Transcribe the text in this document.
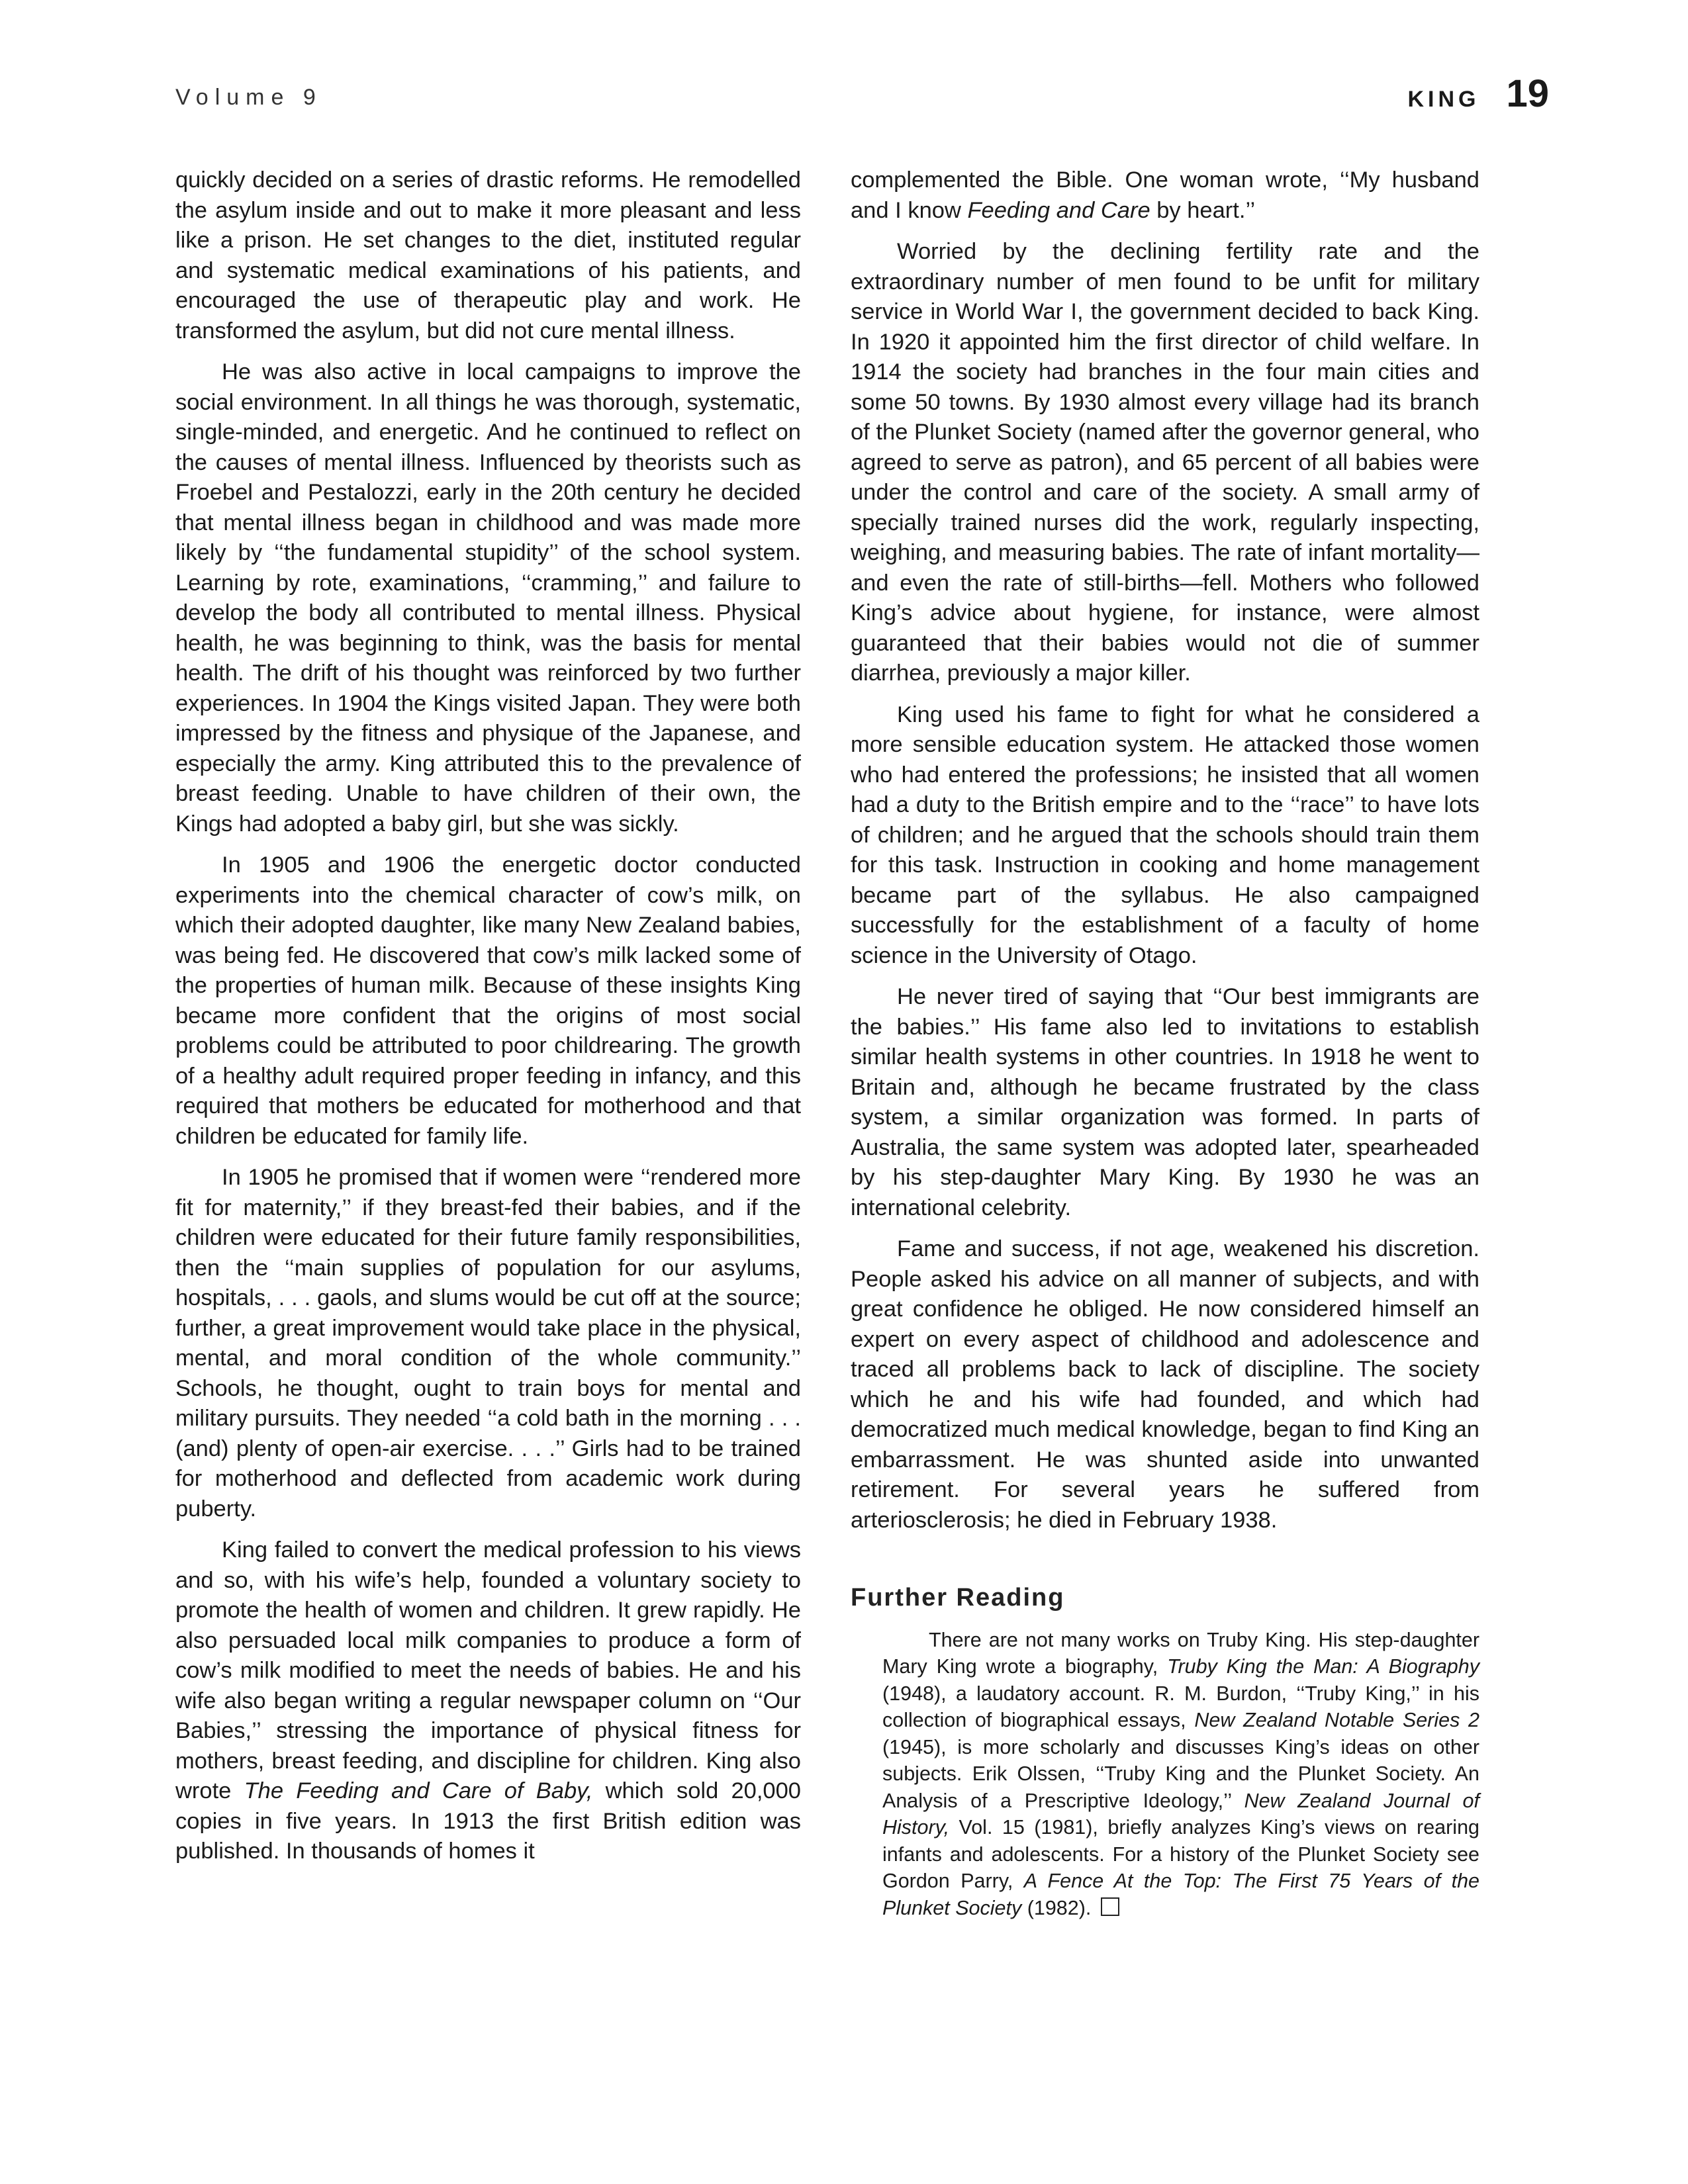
Volume 9	KING 19

quickly decided on a series of drastic reforms. He remodelled the asylum inside and out to make it more pleasant and less like a prison. He set changes to the diet, instituted regular and systematic medical examinations of his patients, and encouraged the use of therapeutic play and work. He transformed the asylum, but did not cure mental illness.

He was also active in local campaigns to improve the social environment. In all things he was thorough, systematic, single-minded, and energetic. And he continued to reflect on the causes of mental illness. Influenced by theorists such as Froebel and Pestalozzi, early in the 20th century he decided that mental illness began in childhood and was made more likely by ‘‘the fundamental stupidity’’ of the school system. Learning by rote, examinations, ‘‘cramming,’’ and failure to develop the body all contributed to mental illness. Physical health, he was beginning to think, was the basis for mental health. The drift of his thought was reinforced by two further experiences. In 1904 the Kings visited Japan. They were both impressed by the fitness and physique of the Japanese, and especially the army. King attributed this to the prevalence of breast feeding. Unable to have children of their own, the Kings had adopted a baby girl, but she was sickly.

In 1905 and 1906 the energetic doctor conducted experiments into the chemical character of cow’s milk, on which their adopted daughter, like many New Zealand babies, was being fed. He discovered that cow’s milk lacked some of the properties of human milk. Because of these insights King became more confident that the origins of most social problems could be attributed to poor childrearing. The growth of a healthy adult required proper feeding in infancy, and this required that mothers be educated for motherhood and that children be educated for family life.

In 1905 he promised that if women were ‘‘rendered more fit for maternity,’’ if they breast-fed their babies, and if the children were educated for their future family responsibilities, then the ‘‘main supplies of population for our asylums, hospitals, . . . gaols, and slums would be cut off at the source; further, a great improvement would take place in the physical, mental, and moral condition of the whole community.’’ Schools, he thought, ought to train boys for mental and military pursuits. They needed ‘‘a cold bath in the morning . . . (and) plenty of open-air exercise. . . .’’ Girls had to be trained for motherhood and deflected from academic work during puberty.

King failed to convert the medical profession to his views and so, with his wife’s help, founded a voluntary society to promote the health of women and children. It grew rapidly. He also persuaded local milk companies to produce a form of cow’s milk modified to meet the needs of babies. He and his wife also began writing a regular newspaper column on ‘‘Our Babies,’’ stressing the importance of physical fitness for mothers, breast feeding, and discipline for children. King also wrote The Feeding and Care of Baby, which sold 20,000 copies in five years. In 1913 the first British edition was published. In thousands of homes it

complemented the Bible. One woman wrote, ‘‘My husband and I know Feeding and Care by heart.’’

Worried by the declining fertility rate and the extraordinary number of men found to be unfit for military service in World War I, the government decided to back King. In 1920 it appointed him the first director of child welfare. In 1914 the society had branches in the four main cities and some 50 towns. By 1930 almost every village had its branch of the Plunket Society (named after the governor general, who agreed to serve as patron), and 65 percent of all babies were under the control and care of the society. A small army of specially trained nurses did the work, regularly inspecting, weighing, and measuring babies. The rate of infant mortality—and even the rate of still-births—fell. Mothers who followed King’s advice about hygiene, for instance, were almost guaranteed that their babies would not die of summer diarrhea, previously a major killer.

King used his fame to fight for what he considered a more sensible education system. He attacked those women who had entered the professions; he insisted that all women had a duty to the British empire and to the ‘‘race’’ to have lots of children; and he argued that the schools should train them for this task. Instruction in cooking and home management became part of the syllabus. He also campaigned successfully for the establishment of a faculty of home science in the University of Otago.

He never tired of saying that ‘‘Our best immigrants are the babies.’’ His fame also led to invitations to establish similar health systems in other countries. In 1918 he went to Britain and, although he became frustrated by the class system, a similar organization was formed. In parts of Australia, the same system was adopted later, spearheaded by his step-daughter Mary King. By 1930 he was an international celebrity.

Fame and success, if not age, weakened his discretion. People asked his advice on all manner of subjects, and with great confidence he obliged. He now considered himself an expert on every aspect of childhood and adolescence and traced all problems back to lack of discipline. The society which he and his wife had founded, and which had democratized much medical knowledge, began to find King an embarrassment. He was shunted aside into unwanted retirement. For several years he suffered from arteriosclerosis; he died in February 1938.

Further Reading

There are not many works on Truby King. His step-daughter Mary King wrote a biography, Truby King the Man: A Biography (1948), a laudatory account. R. M. Burdon, ‘‘Truby King,’’ in his collection of biographical essays, New Zealand Notable Series 2 (1945), is more scholarly and discusses King’s ideas on other subjects. Erik Olssen, ‘‘Truby King and the Plunket Society. An Analysis of a Prescriptive Ideology,’’ New Zealand Journal of History, Vol. 15 (1981), briefly analyzes King’s views on rearing infants and adolescents. For a history of the Plunket Society see Gordon Parry, A Fence At the Top: The First 75 Years of the Plunket Society (1982).
